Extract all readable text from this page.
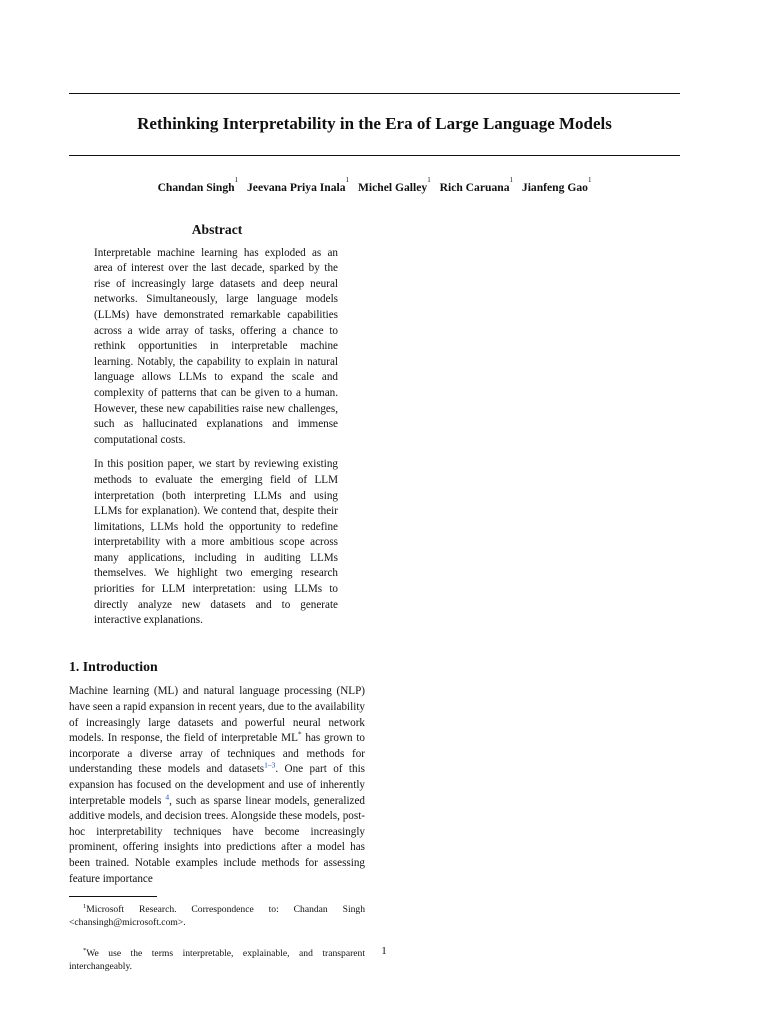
Rethinking Interpretability in the Era of Large Language Models
Chandan Singh$^1$ Jeevana Priya Inala$^1$ Michel Galley$^1$ Rich Caruana$^1$ Jianfeng Gao$^1$
Abstract

Interpretable machine learning has exploded as an area of interest over the last decade, sparked by the rise of increasingly large datasets and deep neural networks. Simultaneously, large language models (LLMs) have demonstrated remarkable capabilities across a wide array of tasks, offering a chance to rethink opportunities in interpretable machine learning. Notably, the capability to explain in natural language allows LLMs to expand the scale and complexity of patterns that can be given to a human. However, these new capabilities raise new challenges, such as hallucinated explanations and immense computational costs.

In this position paper, we start by reviewing existing methods to evaluate the emerging field of LLM interpretation (both interpreting LLMs and using LLMs for explanation). We contend that, despite their limitations, LLMs hold the opportunity to redefine interpretability with a more ambitious scope across many applications, including in auditing LLMs themselves. We highlight two emerging research priorities for LLM interpretation: using LLMs to directly analyze new datasets and to generate interactive explanations.

1. Introduction

Machine learning (ML) and natural language processing (NLP) have seen a rapid expansion in recent years, due to the availability of increasingly large datasets and powerful neural network models. In response, the field of interpretable ML* has grown to incorporate a diverse array of techniques and methods for understanding these models and datasets$^{1-3}$. One part of this expansion has focused on the development and use of inherently interpretable models $^4$, such as sparse linear models, generalized additive models, and decision trees. Alongside these models, post-hoc interpretability techniques have become increasingly prominent, offering insights into predictions after a model has been trained. Notable examples include methods for assessing feature importance

$^1$Microsoft Research. Correspondence to: Chandan Singh <chansingh@microsoft.com>.
*We use the terms interpretable, explainable, and transparent interchangeably.
1
